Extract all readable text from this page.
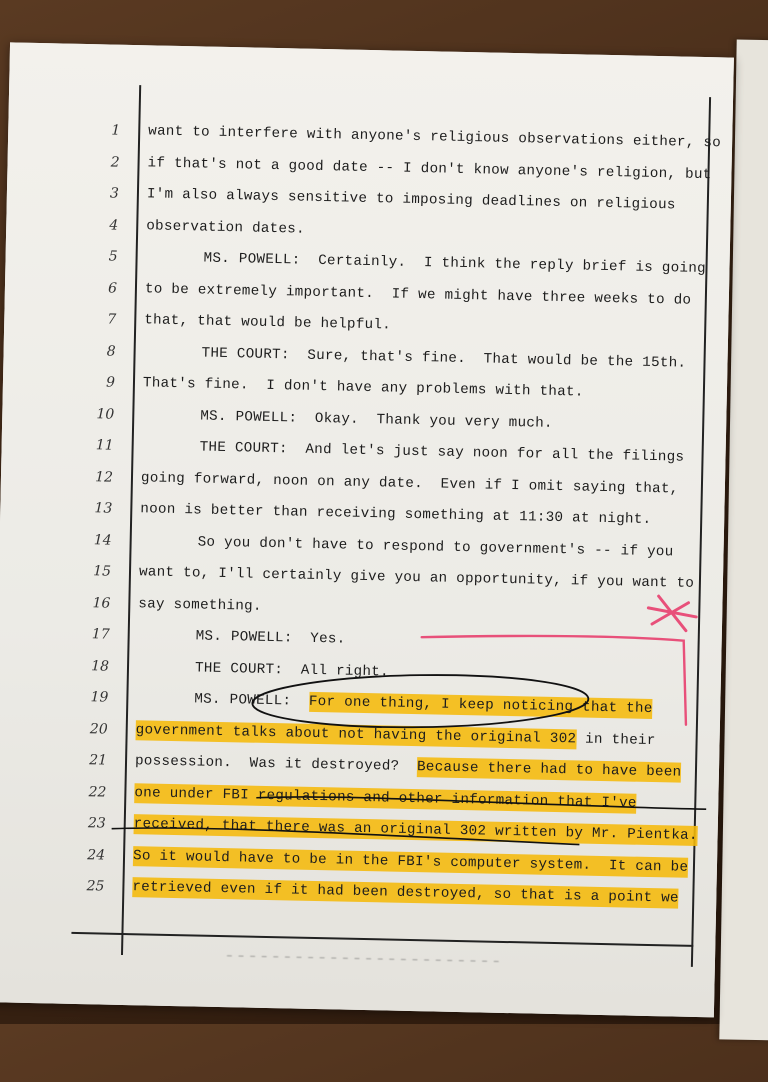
1
2
3
4
5
6
7
8
9
10
11
12
13
14
15
16
17
18
19
20
21
22
23
24
25
want to interfere with anyone's religious observations either, so
if that's not a good date -- I don't know anyone's religion, but
I'm also always sensitive to imposing deadlines on religious
observation dates.
MS. POWELL:  Certainly.  I think the reply brief is going
to be extremely important.  If we might have three weeks to do
that, that would be helpful.
THE COURT:  Sure, that's fine.  That would be the 15th.
That's fine.  I don't have any problems with that.
MS. POWELL:  Okay.  Thank you very much.
THE COURT:  And let's just say noon for all the filings
going forward, noon on any date.  Even if I omit saying that,
noon is better than receiving something at 11:30 at night.
So you don't have to respond to government's -- if you
want to, I'll certainly give you an opportunity, if you want to
say something.
MS. POWELL:  Yes.
THE COURT:  All right.
MS. POWELL:  For one thing, I keep noticing that the
government talks about not having the original 302 in their
possession.  Was it destroyed?  Because there had to have been
one under FBI regulations and other information that I've
received, that there was an original 302 written by Mr. Pientka.
So it would have to be in the FBI's computer system.  It can be
retrieved even if it had been destroyed, so that is a point we
─ ─ ─ ─ ─ ─ ─ ─ ─ ─ ─ ─ ─ ─ ─ ─ ─ ─ ─ ─ ─ ─ ─ ─
